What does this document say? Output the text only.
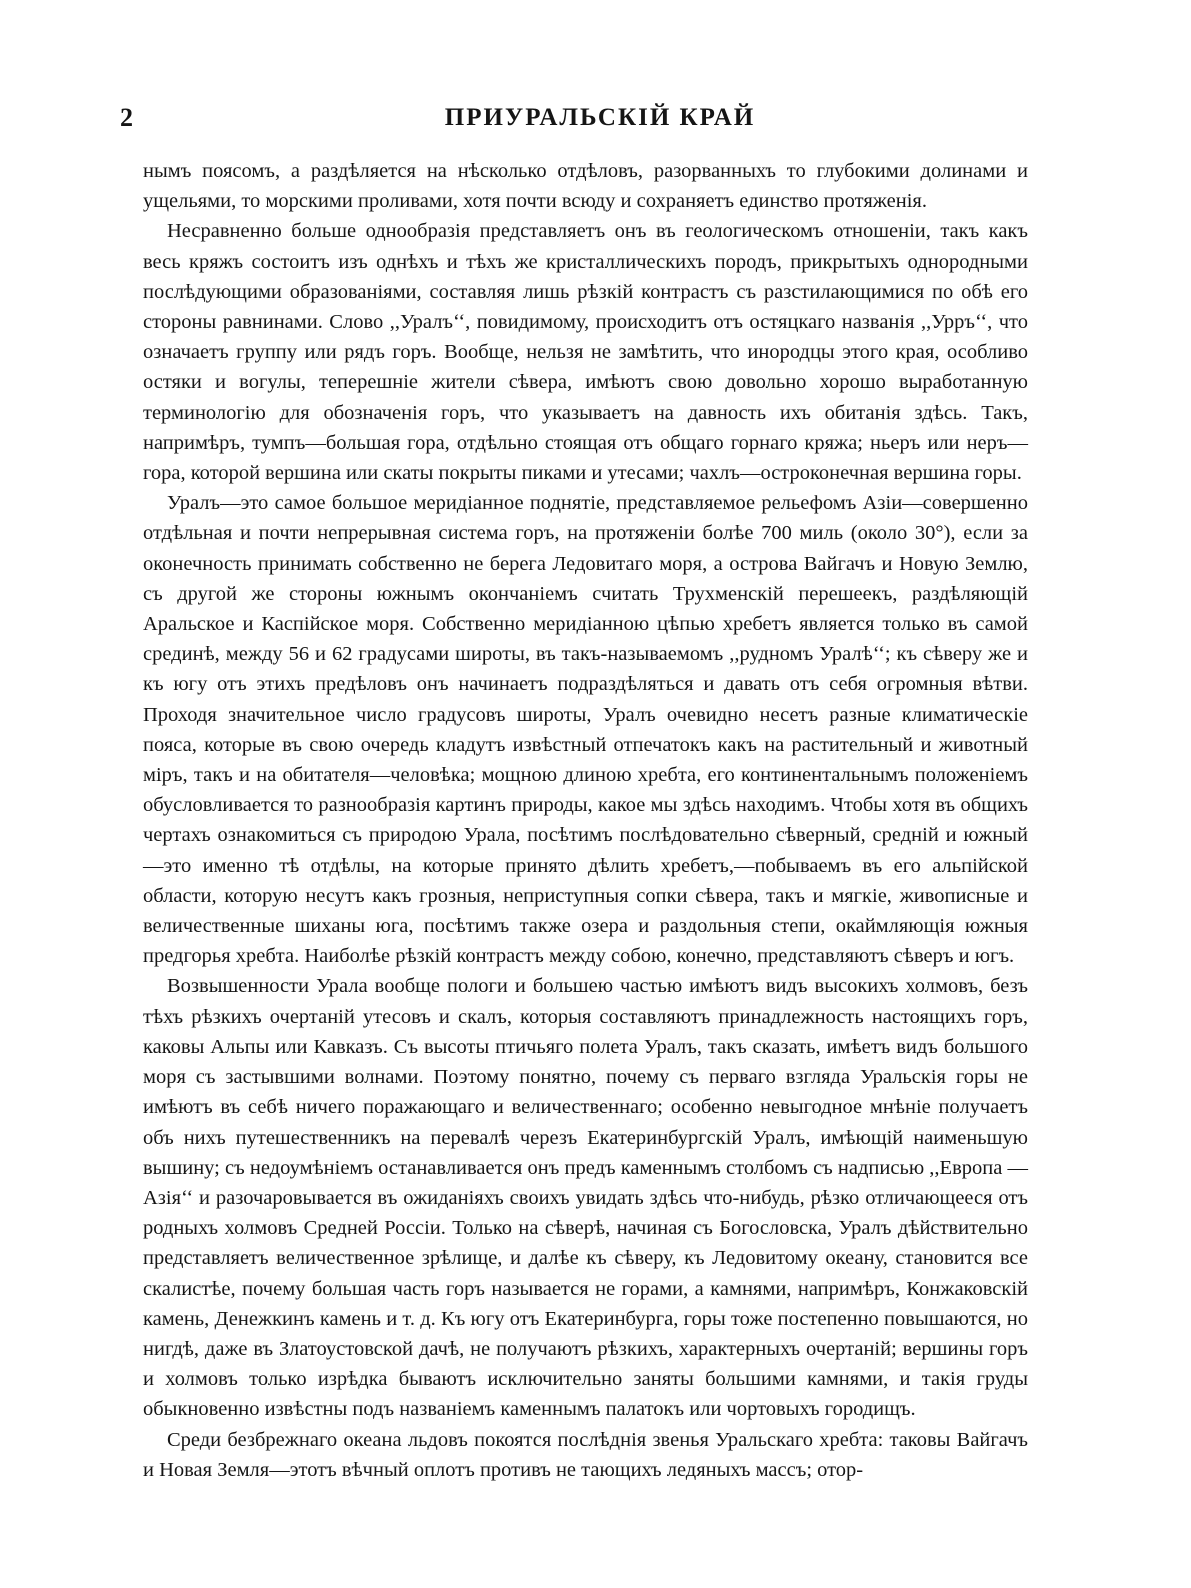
2	ПРИУРАЛЬСКІЙ КРАЙ

нымъ поясомъ, а раздѣляется на нѣсколько отдѣловъ, разорванныхъ то глубокими долинами и ущельями, то морскими проливами, хотя почти всюду и сохраняетъ единство протяженія.

Несравненно больше однообразія представляетъ онъ въ геологическомъ отношеніи, такъ какъ весь кряжъ состоитъ изъ однѣхъ и тѣхъ же кристаллическихъ породъ, прикрытыхъ однородными послѣдующими образованіями, составляя лишь рѣзкій контрастъ съ разстилающимися по обѣ его стороны равнинами. Слово ,,Уралъ‘‘, повидимому, происходитъ отъ остяцкаго названія ,,Урръ‘‘, что означаетъ группу или рядъ горъ. Вообще, нельзя не замѣтить, что инородцы этого края, особливо остяки и вогулы, теперешніе жители сѣвера, имѣютъ свою довольно хорошо выработанную терминологію для обозначенія горъ, что указываетъ на давность ихъ обитанія здѣсь. Такъ, напримѣръ, тумпъ—большая гора, отдѣльно стоящая отъ общаго горнаго кряжа; ньеръ или неръ—гора, которой вершина или скаты покрыты пиками и утесами; чахлъ—остроконечная вершина горы.

Уралъ—это самое большое меридіанное поднятіе, представляемое рельефомъ Азіи—совершенно отдѣльная и почти непрерывная система горъ, на протяженіи болѣе 700 миль (около 30°), если за оконечность принимать собственно не берега Ледовитаго моря, а острова Вайгачъ и Новую Землю, съ другой же стороны южнымъ окончаніемъ считать Трухменскій перешеекъ, раздѣляющій Аральское и Каспійское моря. Собственно меридіанною цѣпью хребетъ является только въ самой срединѣ, между 56 и 62 градусами широты, въ такъ-называемомъ ,,рудномъ Уралѣ‘‘; къ сѣверу же и къ югу отъ этихъ предѣловъ онъ начинаетъ подраздѣляться и давать отъ себя огромныя вѣтви. Проходя значительное число градусовъ широты, Уралъ очевидно несетъ разные климатическіе пояса, которые въ свою очередь кладутъ извѣстный отпечатокъ какъ на растительный и животный міръ, такъ и на обитателя—человѣка; мощною длиною хребта, его континентальнымъ положеніемъ обусловливается то разнообразія картинъ природы, какое мы здѣсь находимъ. Чтобы хотя въ общихъ чертахъ ознакомиться съ природою Урала, посѣтимъ послѣдовательно сѣверный, средній и южный—это именно тѣ отдѣлы, на которые принято дѣлить хребетъ,—побываемъ въ его альпійской области, которую несутъ какъ грозныя, неприступныя сопки сѣвера, такъ и мягкіе, живописные и величественные шиханы юга, посѣтимъ также озера и раздольныя степи, окаймляющія южныя предгорья хребта. Наиболѣе рѣзкій контрастъ между собою, конечно, представляютъ сѣверъ и югъ.

Возвышенности Урала вообще пологи и большею частью имѣютъ видъ высокихъ холмовъ, безъ тѣхъ рѣзкихъ очертаній утесовъ и скалъ, которыя составляютъ принадлежность настоящихъ горъ, каковы Альпы или Кавказъ. Съ высоты птичьяго полета Уралъ, такъ сказать, имѣетъ видъ большого моря съ застывшими волнами. Поэтому понятно, почему съ перваго взгляда Уральскія горы не имѣютъ въ себѣ ничего поражающаго и величественнаго; особенно невыгодное мнѣніе получаетъ объ нихъ путешественникъ на перевалѣ черезъ Екатеринбургскій Уралъ, имѣющій наименьшую вышину; съ недоумѣніемъ останавливается онъ предъ каменнымъ столбомъ съ надписью ,,Европа — Азія‘‘ и разочаровывается въ ожиданіяхъ своихъ увидать здѣсь что-нибудь, рѣзко отличающееся отъ родныхъ холмовъ Средней Россіи. Только на сѣверѣ, начиная съ Богословска, Уралъ дѣйствительно представляетъ величественное зрѣлище, и далѣе къ сѣверу, къ Ледовитому океану, становится все скалистѣе, почему большая часть горъ называется не горами, а камнями, напримѣръ, Конжаковскій камень, Денежкинъ камень и т. д. Къ югу отъ Екатеринбурга, горы тоже постепенно повышаются, но нигдѣ, даже въ Златоустовской дачѣ, не получаютъ рѣзкихъ, характерныхъ очертаній; вершины горъ и холмовъ только изрѣдка бываютъ исключительно заняты большими камнями, и такія груды обыкновенно извѣстны подъ названіемъ каменнымъ палатокъ или чортовыхъ городищъ.

Среди безбрежнаго океана льдовъ покоятся послѣднія звенья Уральскаго хребта: таковы Вайгачъ и Новая Земля—этотъ вѣчный оплотъ противъ не тающихъ ледяныхъ массъ; отор-
